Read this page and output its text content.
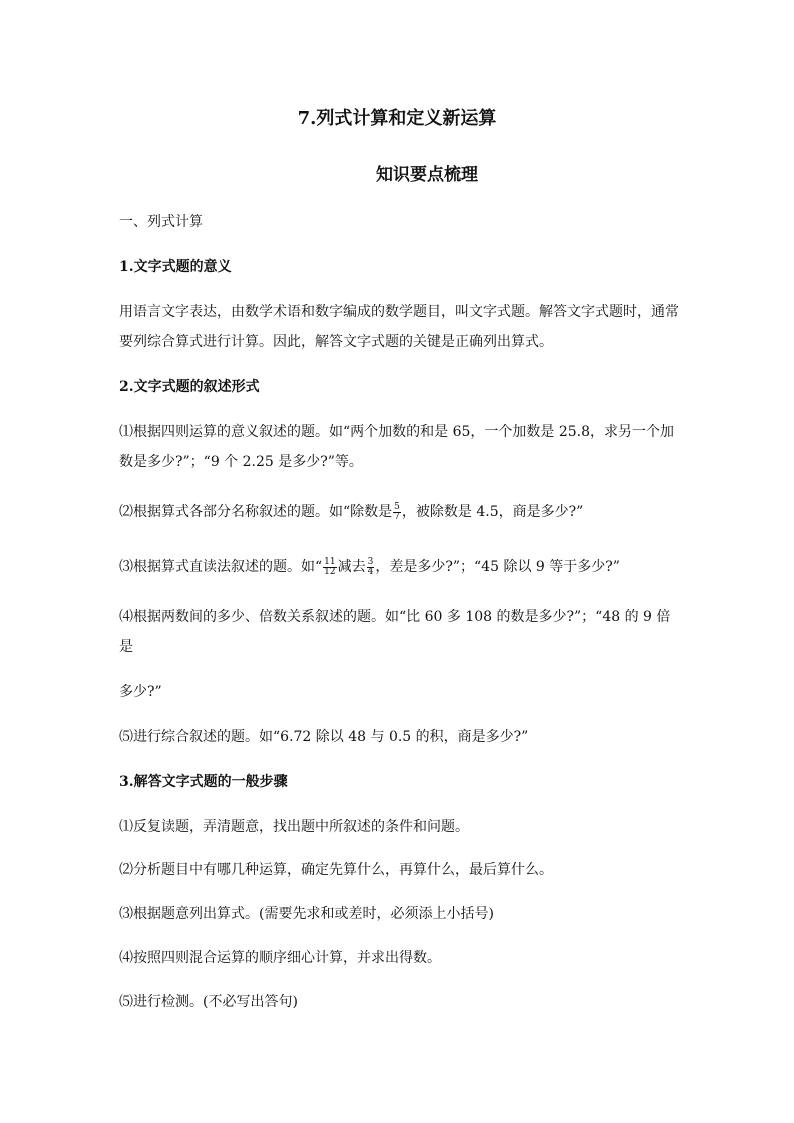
7.列式计算和定义新运算
知识要点梳理
一、列式计算
1.文字式题的意义
用语言文字表达，由数学术语和数字编成的数学题目，叫文字式题。解答文字式题时，通常
要列综合算式进行计算。因此，解答文字式题的关键是正确列出算式。
2.文字式题的叙述形式
⑴根据四则运算的意义叙述的题。如“两个加数的和是 65，一个加数是 25.8，求另一个加
数是多少?”；“9 个 2.25 是多少?”等。
⑵根据算式各部分名称叙述的题。如“除数是 $\frac{5}{7}$ ，被除数是 4.5，商是多少?”
⑶根据算式直读法叙述的题。如“ $\frac{11}{12}$ 减去 $\frac{3}{4}$ ，差是多少?”；“45 除以 9 等于多少?”
⑷根据两数间的多少、倍数关系叙述的题。如“比 60 多 108 的数是多少?”；“48 的 9 倍
是
多少?”
⑸进行综合叙述的题。如“6.72 除以 48 与 0.5 的积，商是多少?”
3.解答文字式题的一般步骤
⑴反复读题，弄清题意，找出题中所叙述的条件和问题。
⑵分析题目中有哪几种运算，确定先算什么，再算什么，最后算什么。
⑶根据题意列出算式。(需要先求和或差时，必须添上小括号)
⑷按照四则混合运算的顺序细心计算，并求出得数。
⑸进行检测。(不必写出答句)
